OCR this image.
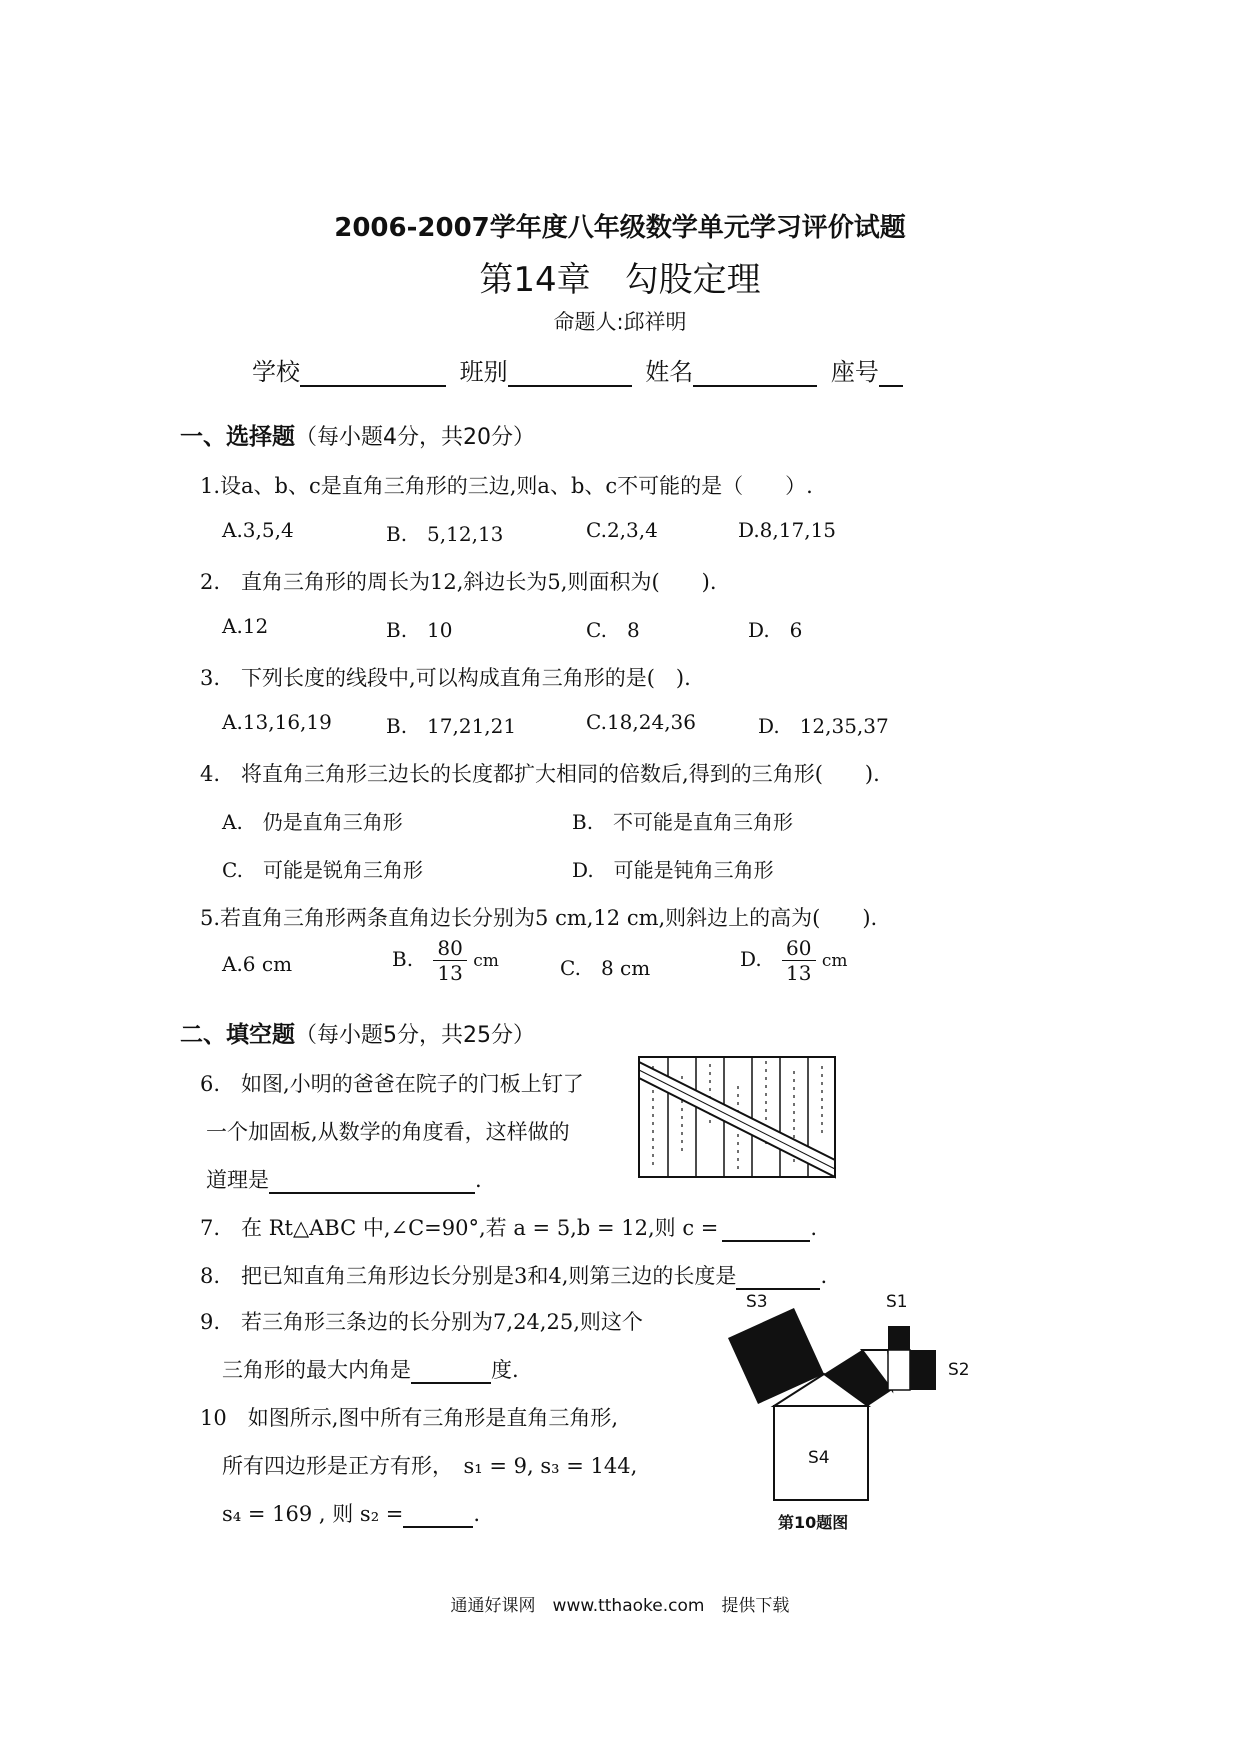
2006-2007学年度八年级数学单元学习评价试题
第14章　勾股定理
命题人:邱祥明
学校	班别	姓名	座号
一、选择题（每小题4分，共20分）
1.设a、b、c是直角三角形的三边,则a、b、c不可能的是（　　）.
A.3,5,4	B.　5,12,13	C.2,3,4	D.8,17,15
2.　直角三角形的周长为12,斜边长为5,则面积为(　　).
A.12	B.　10	C.　8	D.　6
3.　下列长度的线段中,可以构成直角三角形的是(　).
A.13,16,19	B.　17,21,21	C.18,24,36	D.　12,35,37
4.　将直角三角形三边长的长度都扩大相同的倍数后,得到的三角形(　　).
A.　仍是直角三角形	B.　不可能是直角三角形
C.　可能是锐角三角形	D.　可能是钝角三角形
5.若直角三角形两条直角边长分别为5 cm,12 cm,则斜边上的高为(　　).
A.6 cm	B. $\frac{80}{13}$ cm	C.　8 cm	D. $\frac{60}{13}$ cm
二、填空题（每小题5分，共25分）
6.　如图,小明的爸爸在院子的门板上钉了
一个加固板,从数学的角度看，这样做的
道理是	.
7.　在 Rt△ABC 中,∠C=90°,若 a = 5,b = 12,则 c =	.
8.　把已知直角三角形边长分别是3和4,则第三边的长度是	.
9.　若三角形三条边的长分别为7,24,25,则这个
三角形的最大内角是	度.
10　如图所示,图中所有三角形是直角三角形,
所有四边形是正方有形，　s₁ = 9, s₃ = 144,
s₄ = 169 , 则 s₂ =	.
S3	S1
S2
S4
第10题图
通通好课网　www.tthaoke.com　提供下载
